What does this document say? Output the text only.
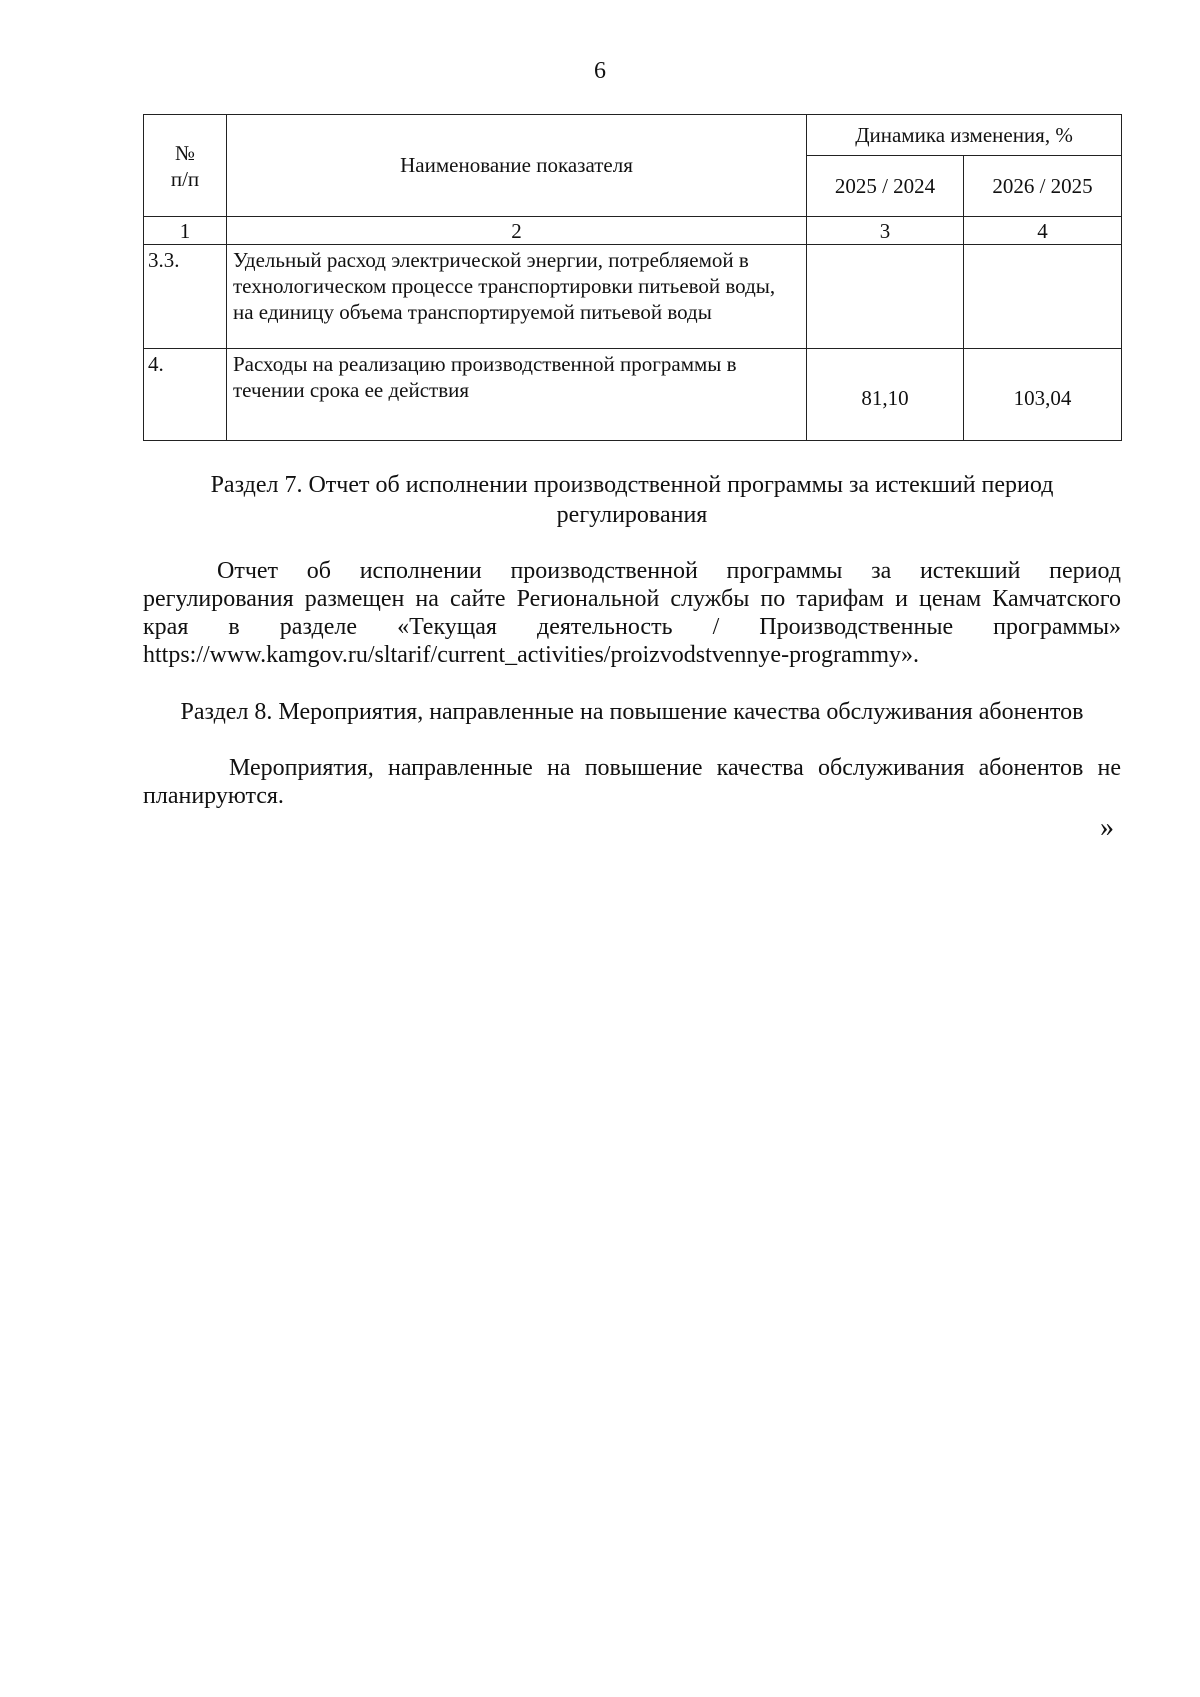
6
№
п/п	Наименование показателя	Динамика изменения, %	
		2025 / 2024	2026 / 2025
1	2	3	4
3.3.	Удельный расход электрической энергии, потребляемой в технологическом процессе транспортировки питьевой воды, на единицу объема транспортируемой питьевой воды		
4.	Расходы на реализацию производственной программы в течении срока ее действия	81,10	103,04
Раздел 7. Отчет об исполнении производственной программы за истекший период
регулирования
Отчет об исполнении производственной программы за истекший период
регулирования размещен на сайте Региональной службы по тарифам и ценам Камчатского
края в разделе «Текущая деятельность / Производственные программы»
https://www.kamgov.ru/sltarif/current_activities/proizvodstvennye-programmy».
Раздел 8. Мероприятия, направленные на повышение качества обслуживания абонентов
Мероприятия, направленные на повышение качества обслуживания абонентов не
планируются.
»
